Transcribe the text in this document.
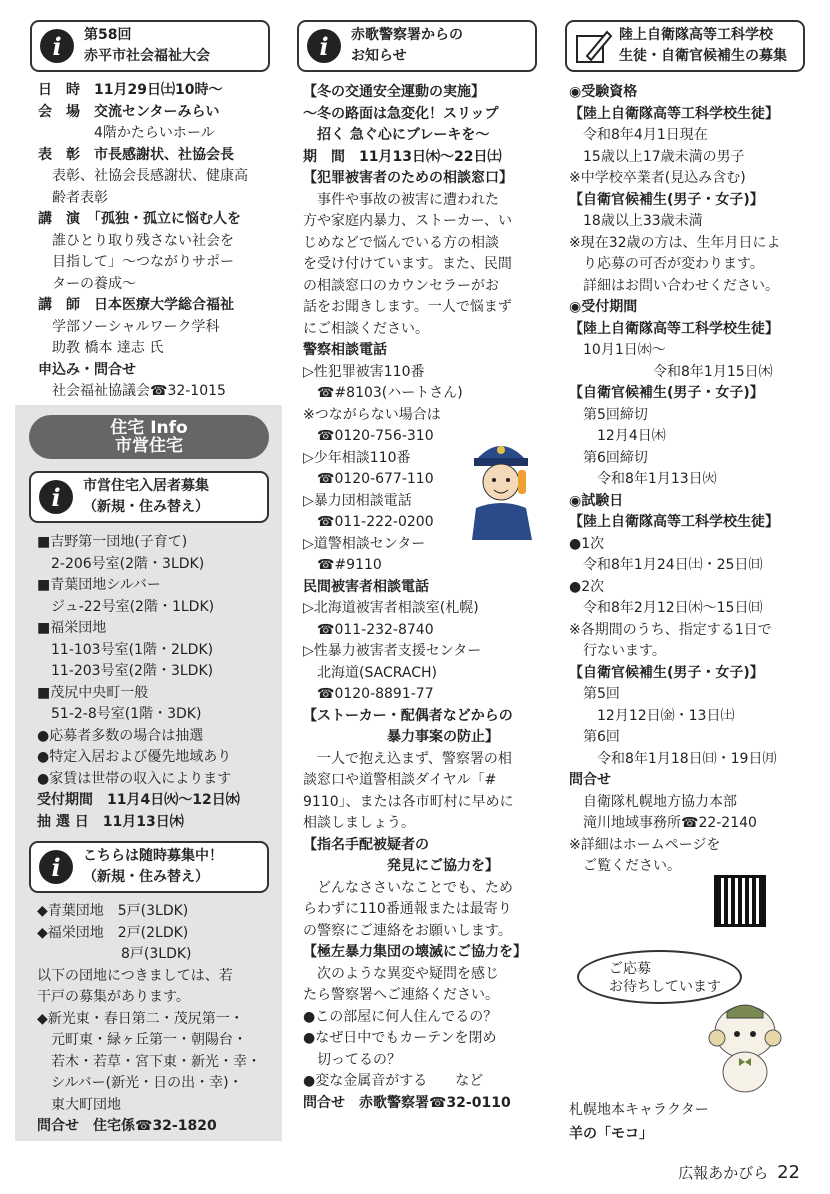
i	第58回
赤平市社会福祉大会
日　時　11月29日㈯10時～
会　場　交流センターみらい
　　　　4階かたらいホール
表　彰　市長感謝状、社協会長
　表彰、社協会長感謝状、健康高
　齢者表彰
講　演　「孤独・孤立に悩む人を
　誰ひとり取り残さない社会を
　目指して」～つながりサポー
　ターの養成～
講　師　日本医療大学総合福祉
　学部ソーシャルワーク学科
　助教 橋本 達志 氏
申込み・問合せ
　社会福祉協議会☎32-1015
住宅 Info
市営住宅
i	市営住宅入居者募集
（新規・住み替え）
■吉野第一団地(子育て)
　2-206号室(2階・3LDK)
■青葉団地シルバー
　ジュ-22号室(2階・1LDK)
■福栄団地
　11-103号室(1階・2LDK)
　11-203号室(2階・3LDK)
■茂尻中央町一般
　51-2-8号室(1階・3DK)
●応募者多数の場合は抽選
●特定入居および優先地域あり
●家賃は世帯の収入によります
受付期間　11月4日㈫～12日㈬
抽 選 日　11月13日㈭
i	こちらは随時募集中！
（新規・住み替え）
◆青葉団地　5戸(3LDK)
◆福栄団地　2戸(2LDK)
　　　　　　8戸(3LDK)
以下の団地につきましては、若
干戸の募集があります。
◆新光東・春日第二・茂尻第一・
　元町東・緑ヶ丘第一・朝陽台・
　若木・若草・宮下東・新光・幸・
　シルバー(新光・日の出・幸)・
　東大町団地
問合せ　住宅係☎32-1820
i	赤歌警察署からの
お知らせ
【冬の交通安全運動の実施】
～冬の路面は急変化！スリップ
　招く 急ぐ心にブレーキを～
期　間　11月13日㈭～22日㈯
【犯罪被害者のための相談窓口】
　事件や事故の被害に遭われた
方や家庭内暴力、ストーカー、い
じめなどで悩んでいる方の相談
を受け付けています。また、民間
の相談窓口のカウンセラーがお
話をお聞きします。一人で悩まず
にご相談ください。
警察相談電話
▷性犯罪被害110番
　☎#8103(ハートさん)
※つながらない場合は
　☎0120-756-310
▷少年相談110番
　☎0120-677-110
▷暴力団相談電話
　☎011-222-0200
▷道警相談センター
　☎#9110
民間被害者相談電話
▷北海道被害者相談室(札幌)
　☎011-232-8740
▷性暴力被害者支援センター
　北海道(SACRACH)
　☎0120-8891-77
【ストーカー・配偶者などからの
　　　　　　暴力事案の防止】
　一人で抱え込まず、警察署の相
談窓口や道警相談ダイヤル「#
9110」、または各市町村に早めに
相談しましょう。
【指名手配被疑者の
　　　　　　発見にご協力を】
　どんなささいなことでも、ため
らわずに110番通報または最寄り
の警察にご連絡をお願いします。
【極左暴力集団の壊滅にご協力を】
　次のような異変や疑問を感じ
たら警察署へご連絡ください。
●この部屋に何人住んでるの？
●なぜ日中でもカーテンを閉め
　切ってるの？
●変な金属音がする　　など
問合せ　赤歌警察署☎32-0110
陸上自衛隊高等工科学校
生徒・自衛官候補生の募集
◉受験資格
【陸上自衛隊高等工科学校生徒】
　令和8年4月1日現在
　15歳以上17歳未満の男子
※中学校卒業者(見込み含む)
【自衛官候補生(男子・女子)】
　18歳以上33歳未満
※現在32歳の方は、生年月日によ
　り応募の可否が変わります。
　詳細はお問い合わせください。
◉受付期間
【陸上自衛隊高等工科学校生徒】
　10月1日㈬～
　　　　　　令和8年1月15日㈭
【自衛官候補生(男子・女子)】
　第5回締切
　　12月4日㈭
　第6回締切
　　令和8年1月13日㈫
◉試験日
【陸上自衛隊高等工科学校生徒】
●1次
　令和8年1月24日㈯・25日㈰
●2次
　令和8年2月12日㈭～15日㈰
※各期間のうち、指定する1日で
　行ないます。
【自衛官候補生(男子・女子)】
　第5回
　　12月12日㈮・13日㈯
　第6回
　　令和8年1月18日㈰・19日㈪
問合せ
　自衛隊札幌地方協力本部
　滝川地域事務所☎22-2140
※詳細はホームページを
　ご覧ください。
ご応募
お待ちしています
札幌地本キャラクター
羊の「モコ」
広報あかびら 22
